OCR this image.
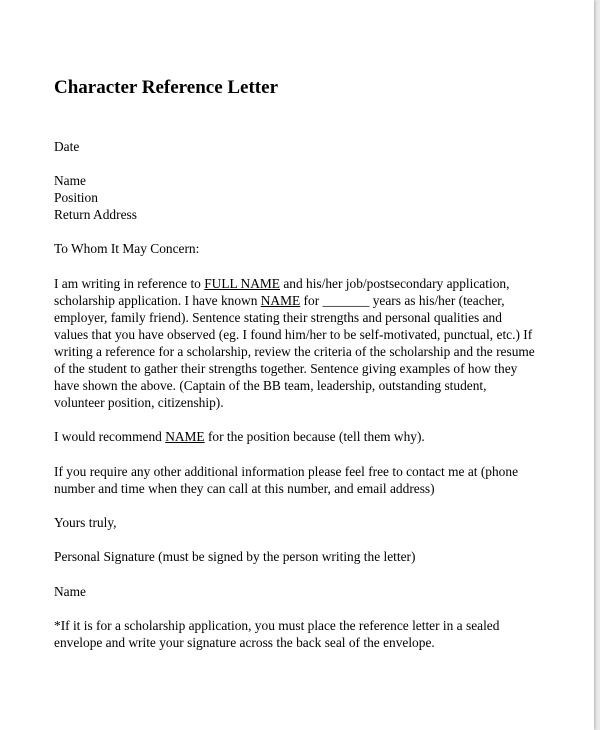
Character Reference Letter
Date
Name
Position
Return Address
To Whom It May Concern:
I am writing in reference to FULL NAME and his/her job/postsecondary application,
scholarship application. I have known NAME for _______ years as his/her (teacher,
employer, family friend). Sentence stating their strengths and personal qualities and
values that you have observed (eg. I found him/her to be self-motivated, punctual, etc.) If
writing a reference for a scholarship, review the criteria of the scholarship and the resume
of the student to gather their strengths together. Sentence giving examples of how they
have shown the above. (Captain of the BB team, leadership, outstanding student,
volunteer position, citizenship).
I would recommend NAME for the position because (tell them why).
If you require any other additional information please feel free to contact me at (phone
number and time when they can call at this number, and email address)
Yours truly,
Personal Signature (must be signed by the person writing the letter)
Name
*If it is for a scholarship application, you must place the reference letter in a sealed
envelope and write your signature across the back seal of the envelope.
